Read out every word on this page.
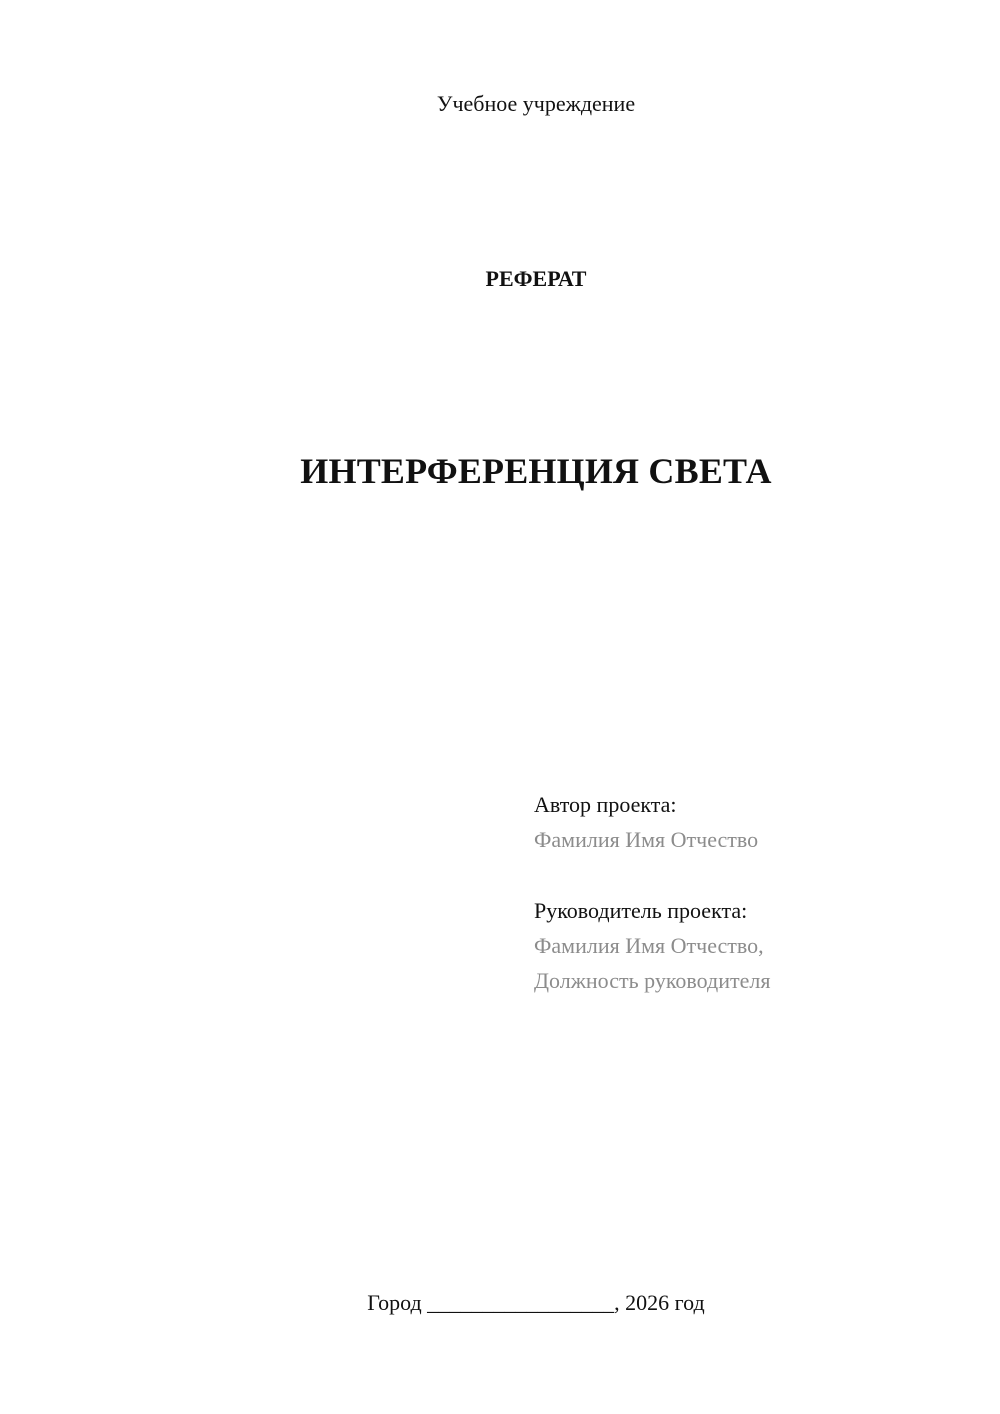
Учебное учреждение
РЕФЕРАТ
ИНТЕРФЕРЕНЦИЯ СВЕТА
Автор проекта:
Фамилия Имя Отчество
Руководитель проекта:
Фамилия Имя Отчество,
Должность руководителя
Город _________________, 2026 год
